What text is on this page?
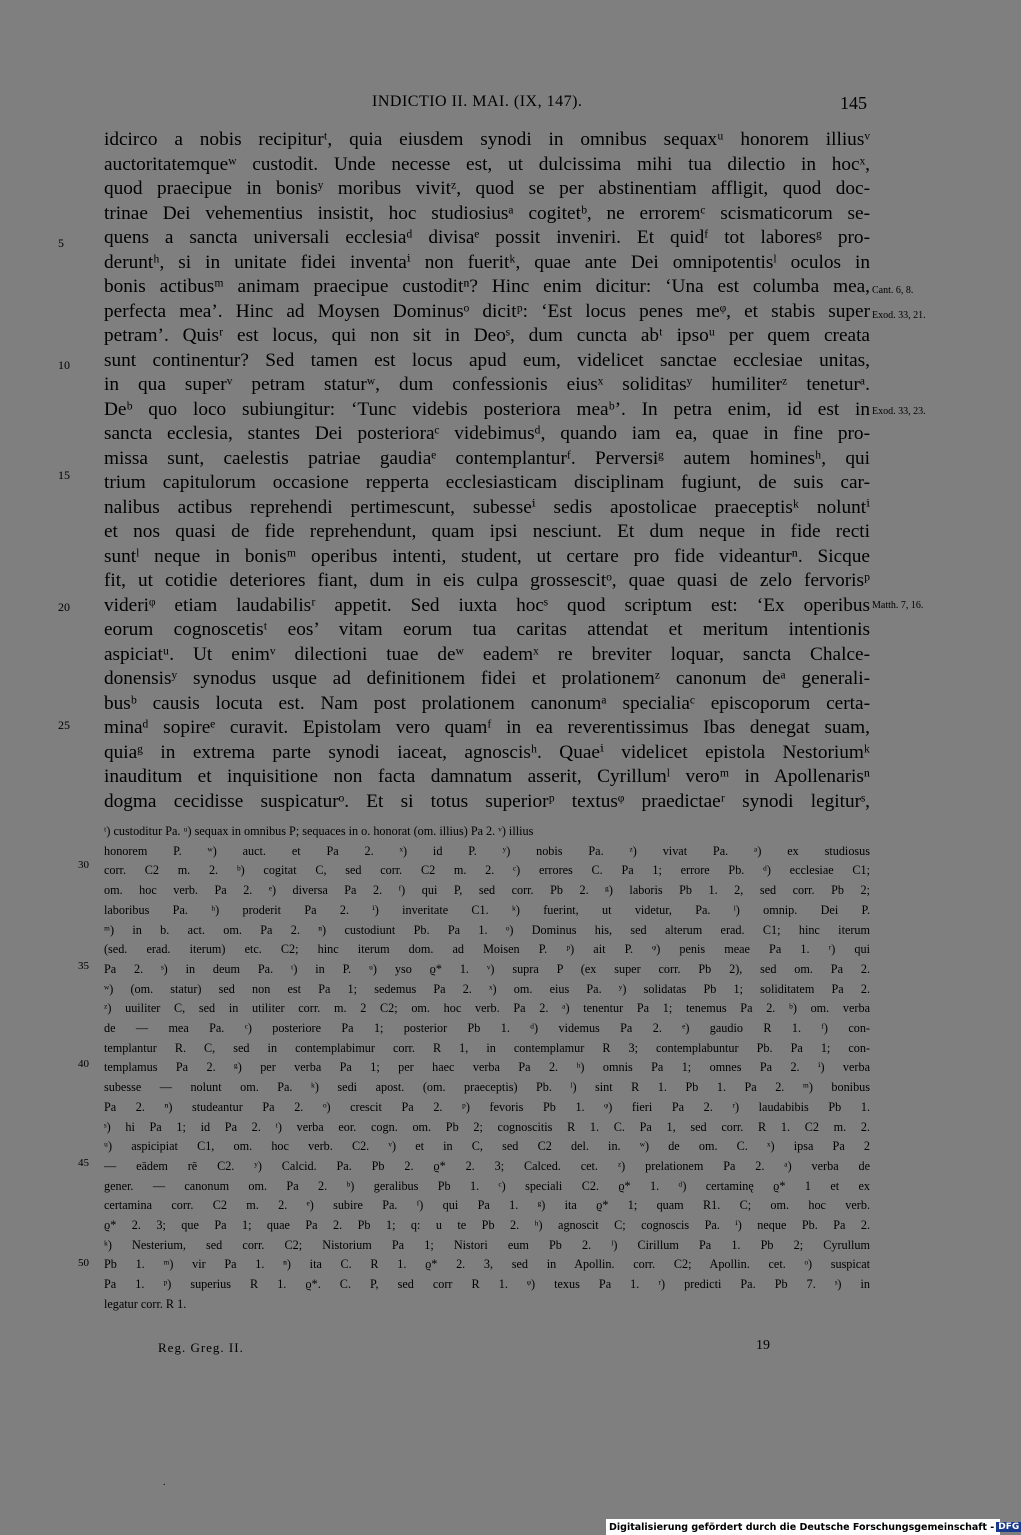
INDICTIO II. MAI. (IX, 147).	145
idcirco a nobis recipiturᵗ, quia eiusdem synodi in omnibus sequaxᵘ honorem illiusᵛ
auctoritatemqueʷ custodit. Unde necesse est, ut dulcissima mihi tua dilectio in hocˣ,
quod praecipue in bonisʸ moribus vivitᶻ, quod se per abstinentiam affligit, quod doc-
trinae Dei vehementius insistit, hoc studiosiusᵃ cogitetᵇ, ne erroremᶜ scismaticorum se-
quens a sancta universali ecclesiaᵈ divisaᵉ possit inveniri. Et quidᶠ tot laboresᵍ pro-
deruntʰ, si in unitate fidei inventaⁱ non fueritᵏ, quae ante Dei omnipotentisˡ oculos in
bonis actibusᵐ animam praecipue custoditⁿ? Hinc enim dicitur: ‘Una est columba mea,
perfecta mea’. Hinc ad Moysen Dominusᵒ dicitᵖ: ‘Est locus penes meᵠ, et stabis super
petram’. Quisʳ est locus, qui non sit in Deoˢ, dum cuncta abᵗ ipsoᵘ per quem creata
sunt continentur? Sed tamen est locus apud eum, videlicet sanctae ecclesiae unitas,
in qua superᵛ petram staturʷ, dum confessionis eiusˣ soliditasʸ humiliterᶻ teneturᵃ.
Deᵇ quo loco subiungitur: ‘Tunc videbis posteriora meaᵇ’. In petra enim, id est in
sancta ecclesia, stantes Dei posterioraᶜ videbimusᵈ, quando iam ea, quae in fine pro-
missa sunt, caelestis patriae gaudiaᵉ contemplanturᶠ. Perversiᵍ autem hominesʰ, qui
trium capitulorum occasione repperta ecclesiasticam disciplinam fugiunt, de suis car-
nalibus actibus reprehendi pertimescunt, subesseⁱ sedis apostolicae praeceptisᵏ noluntⁱ
et nos quasi de fide reprehendunt, quam ipsi nesciunt. Et dum neque in fide recti
suntˡ neque in bonisᵐ operibus intenti, student, ut certare pro fide videanturⁿ. Sicque
fit, ut cotidie deteriores fiant, dum in eis culpa grossescitᵒ, quae quasi de zelo fervorisᵖ
videriᵠ etiam laudabilisʳ appetit. Sed iuxta hocˢ quod scriptum est: ‘Ex operibus
eorum cognoscetisᵗ eos’ vitam eorum tua caritas attendat et meritum intentionis
aspiciatᵘ. Ut enimᵛ dilectioni tuae deʷ eademˣ re breviter loquar, sancta Chalce-
donensisʸ synodus usque ad definitionem fidei et prolationemᶻ canonum deᵃ generali-
busᵇ causis locuta est. Nam post prolationem canonumᵃ specialiaᶜ episcoporum certa-
minaᵈ sopireᵉ curavit. Epistolam vero quamᶠ in ea reverentissimus Ibas denegat suam,
quiaᵍ in extrema parte synodi iaceat, agnoscisʰ. Quaeⁱ videlicet epistola Nestoriumᵏ
inauditum et inquisitione non facta damnatum asserit, Cyrillumˡ veroᵐ in Apollenarisⁿ
dogma cecidisse suspicaturᵒ. Et si totus superiorᵖ textusᵠ praedictaeʳ synodi legiturˢ,
5
10
15
20
25
Cant. 6, 8.
Exod. 33, 21.
Exod. 33, 23.
Matth. 7, 16.
ᵗ) custoditur Pa. ᵘ) sequax in omnibus P; sequaces in o. honorat (om. illius) Pa 2. ᵛ) illius
honorem P. ʷ) auct. et Pa 2. ˣ) id P. ʸ) nobis Pa. ᶻ) vivat Pa. ᵃ) ex studiosus
corr. C2 m. 2. ᵇ) cogitat C, sed corr. C2 m. 2. ᶜ) errores C. Pa 1; errore Pb. ᵈ) ecclesiae C1;
om. hoc verb. Pa 2. ᵉ) diversa Pa 2. ᶠ) qui P, sed corr. Pb 2. ᵍ) laboris Pb 1. 2, sed corr. Pb 2;
laboribus Pa. ʰ) proderit Pa 2. ⁱ) inveritate C1. ᵏ) fuerint, ut videtur, Pa. ˡ) omnip. Dei P.
ᵐ) in b. act. om. Pa 2. ⁿ) custodiunt Pb. Pa 1. ᵒ) Dominus his, sed alterum erad. C1; hinc iterum
(sed. erad. iterum) etc. C2; hinc iterum dom. ad Moisen P. ᵖ) ait P. ᵠ) penis meae Pa 1. ʳ) qui
Pa 2. ˢ) in deum Pa. ᵗ) in P. ᵘ) yso ϱ* 1. ᵛ) supra P (ex super corr. Pb 2), sed om. Pa 2.
ʷ) (om. statur) sed non est Pa 1; sedemus Pa 2. ˣ) om. eius Pa. ʸ) solidatas Pb 1; soliditatem Pa 2.
ᶻ) uuiliter C, sed in utiliter corr. m. 2 C2; om. hoc verb. Pa 2. ᵃ) tenentur Pa 1; tenemus Pa 2. ᵇ) om. verba
de — mea Pa. ᶜ) posteriore Pa 1; posterior Pb 1. ᵈ) videmus Pa 2. ᵉ) gaudio R 1. ᶠ) con-
templantur R. C, sed in contemplabimur corr. R 1, in contemplamur R 3; contemplabuntur Pb. Pa 1; con-
templamus Pa 2. ᵍ) per verba Pa 1; per haec verba Pa 2. ʰ) omnis Pa 1; omnes Pa 2. ⁱ) verba
subesse — nolunt om. Pa. ᵏ) sedi apost. (om. praeceptis) Pb. ˡ) sint R 1. Pb 1. Pa 2. ᵐ) bonibus
Pa 2. ⁿ) studeantur Pa 2. ᵒ) crescit Pa 2. ᵖ) fevoris Pb 1. ᵠ) fieri Pa 2. ʳ) laudabibis Pb 1.
ˢ) hi Pa 1; id Pa 2. ᵗ) verba eor. cogn. om. Pb 2; cognoscitis R 1. C. Pa 1, sed corr. R 1. C2 m. 2.
ᵘ) aspicipiat C1, om. hoc verb. C2. ᵛ) et in C, sed C2 del. in. ʷ) de om. C. ˣ) ipsa Pa 2
— eādem rē C2. ʸ) Calcid. Pa. Pb 2. ϱ* 2. 3; Calced. cet. ᶻ) prelationem Pa 2. ᵃ) verba de
gener. — canonum om. Pa 2. ᵇ) geralibus Pb 1. ᶜ) speciali C2. ϱ* 1. ᵈ) certaminę ϱ* 1 et ex
certamina corr. C2 m. 2. ᵉ) subire Pa. ᶠ) qui Pa 1. ᵍ) ita ϱ* 1; quam R1. C; om. hoc verb.
ϱ* 2. 3; que Pa 1; quae Pa 2. Pb 1; q: u te Pb 2. ʰ) agnoscit C; cognoscis Pa. ⁱ) neque Pb. Pa 2.
ᵏ) Nesterium, sed corr. C2; Nistorium Pa 1; Nistori eum Pb 2. ˡ) Cirillum Pa 1. Pb 2; Cyrullum
Pb 1. ᵐ) vir Pa 1. ⁿ) ita C. R 1. ϱ* 2. 3, sed in Apollin. corr. C2; Apollin. cet. ᵒ) suspicat
Pa 1. ᵖ) superius R 1. ϱ*. C. P, sed corr R 1. ᵠ) texus Pa 1. ʳ) predicti Pa. Pb 7. ˢ) in
legatur corr. R 1.
30
35
40
45
50
Reg. Greg. II.	19
.
Digitalisierung gefördert durch die Deutsche Forschungsgemeinschaft - DFG
